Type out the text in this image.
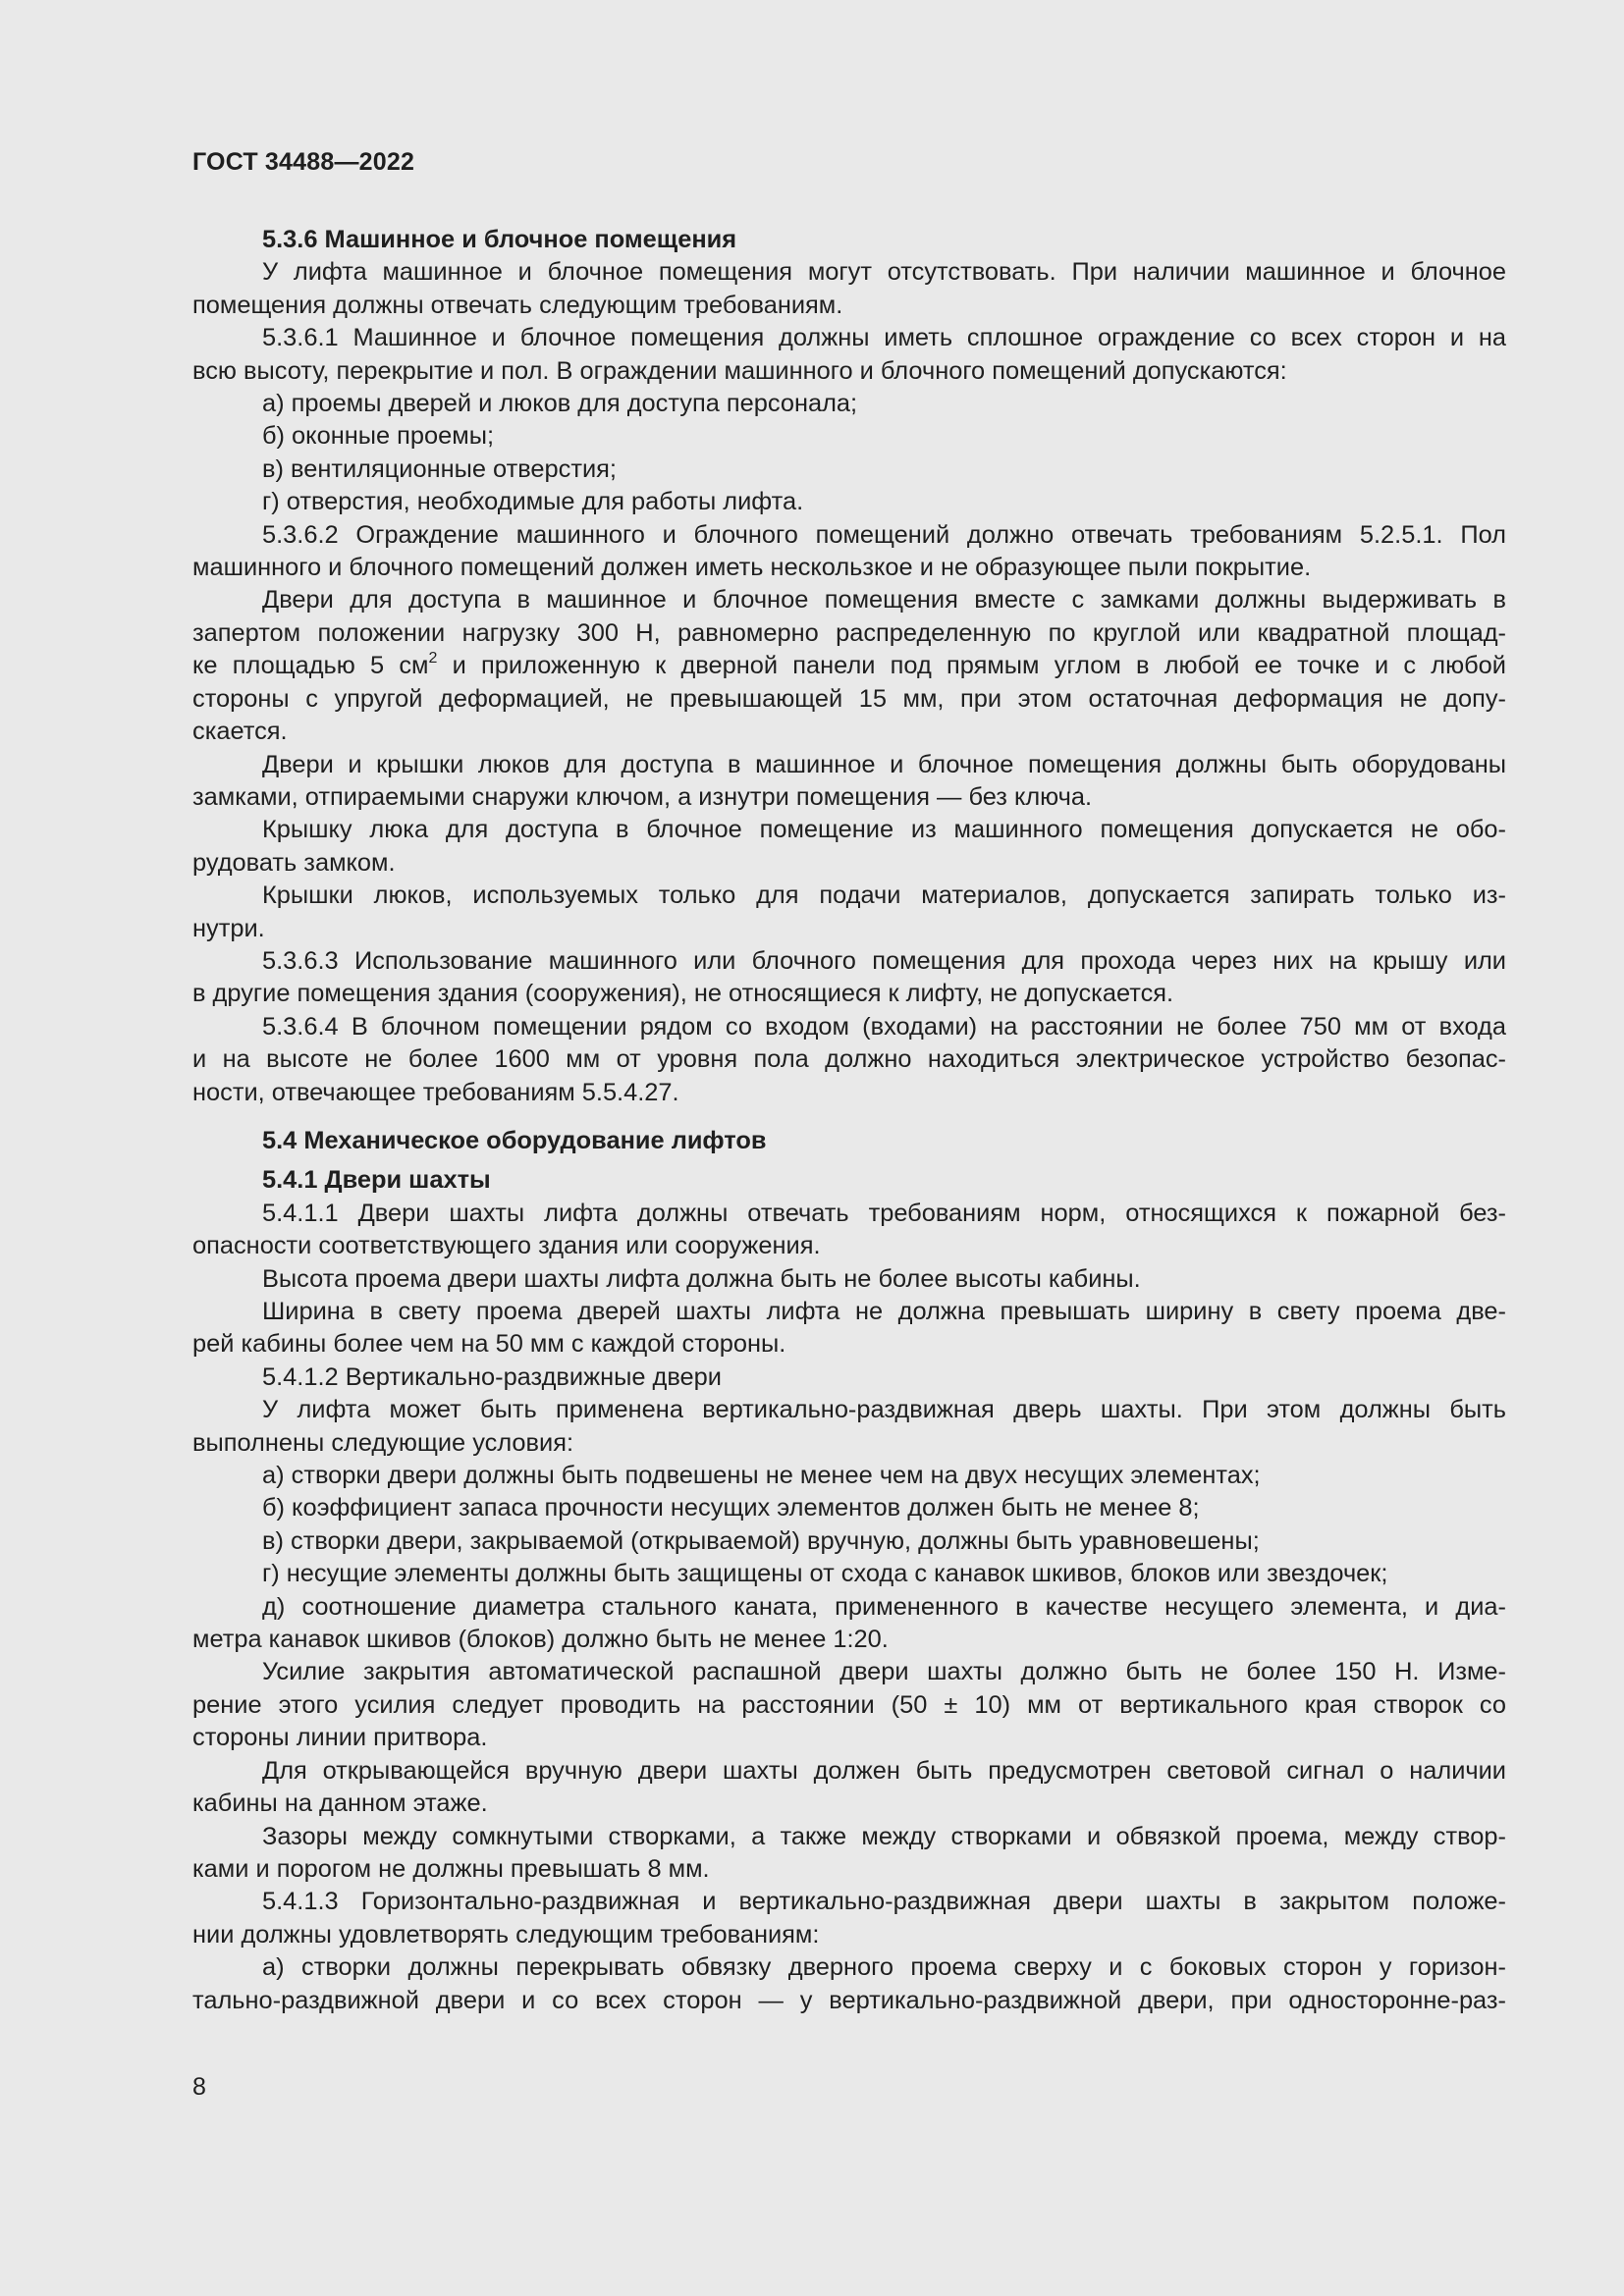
ГОСТ 34488—2022

5.3.6 Машинное и блочное помещения

У лифта машинное и блочное помещения могут отсутствовать. При наличии машинное и блочное

помещения должны отвечать следующим требованиям.

5.3.6.1 Машинное и блочное помещения должны иметь сплошное ограждение со всех сторон и на

всю высоту, перекрытие и пол. В ограждении машинного и блочного помещений допускаются:

а) проемы дверей и люков для доступа персонала;

б) оконные проемы;

в) вентиляционные отверстия;

г) отверстия, необходимые для работы лифта.

5.3.6.2 Ограждение машинного и блочного помещений должно отвечать требованиям 5.2.5.1. Пол

машинного и блочного помещений должен иметь нескользкое и не образующее пыли покрытие.

Двери для доступа в машинное и блочное помещения вместе с замками должны выдерживать в

запертом положении нагрузку 300 Н, равномерно распределенную по круглой или квадратной площад-

ке площадью 5 $см^2$ и приложенную к дверной панели под прямым углом в любой ее точке и с любой

стороны с упругой деформацией, не превышающей 15 мм, при этом остаточная деформация не допу-

скается.

Двери и крышки люков для доступа в машинное и блочное помещения должны быть оборудованы

замками, отпираемыми снаружи ключом, а изнутри помещения — без ключа.

Крышку люка для доступа в блочное помещение из машинного помещения допускается не обо-

рудовать замком.

Крышки люков, используемых только для подачи материалов, допускается запирать только из-

нутри.

5.3.6.3 Использование машинного или блочного помещения для прохода через них на крышу или

в другие помещения здания (сооружения), не относящиеся к лифту, не допускается.

5.3.6.4 В блочном помещении рядом со входом (входами) на расстоянии не более 750 мм от входа

и на высоте не более 1600 мм от уровня пола должно находиться электрическое устройство безопас-

ности, отвечающее требованиям 5.5.4.27.

5.4 Механическое оборудование лифтов

5.4.1 Двери шахты

5.4.1.1 Двери шахты лифта должны отвечать требованиям норм, относящихся к пожарной без-

опасности соответствующего здания или сооружения.

Высота проема двери шахты лифта должна быть не более высоты кабины.

Ширина в свету проема дверей шахты лифта не должна превышать ширину в свету проема две-

рей кабины более чем на 50 мм с каждой стороны.

5.4.1.2 Вертикально-раздвижные двери

У лифта может быть применена вертикально-раздвижная дверь шахты. При этом должны быть

выполнены следующие условия:

а) створки двери должны быть подвешены не менее чем на двух несущих элементах;

б) коэффициент запаса прочности несущих элементов должен быть не менее 8;

в) створки двери, закрываемой (открываемой) вручную, должны быть уравновешены;

г) несущие элементы должны быть защищены от схода с канавок шкивов, блоков или звездочек;

д) соотношение диаметра стального каната, примененного в качестве несущего элемента, и диа-

метра канавок шкивов (блоков) должно быть не менее 1:20.

Усилие закрытия автоматической распашной двери шахты должно быть не более 150 Н. Изме-

рение этого усилия следует проводить на расстоянии (50 ± 10) мм от вертикального края створок со

стороны линии притвора.

Для открывающейся вручную двери шахты должен быть предусмотрен световой сигнал о наличии

кабины на данном этаже.

Зазоры между сомкнутыми створками, а также между створками и обвязкой проема, между створ-

ками и порогом не должны превышать 8 мм.

5.4.1.3 Горизонтально-раздвижная и вертикально-раздвижная двери шахты в закрытом положе-

нии должны удовлетворять следующим требованиям:

а) створки должны перекрывать обвязку дверного проема сверху и с боковых сторон у горизон-

тально-раздвижной двери и со всех сторон — у вертикально-раздвижной двери, при односторонне-раз-

8
